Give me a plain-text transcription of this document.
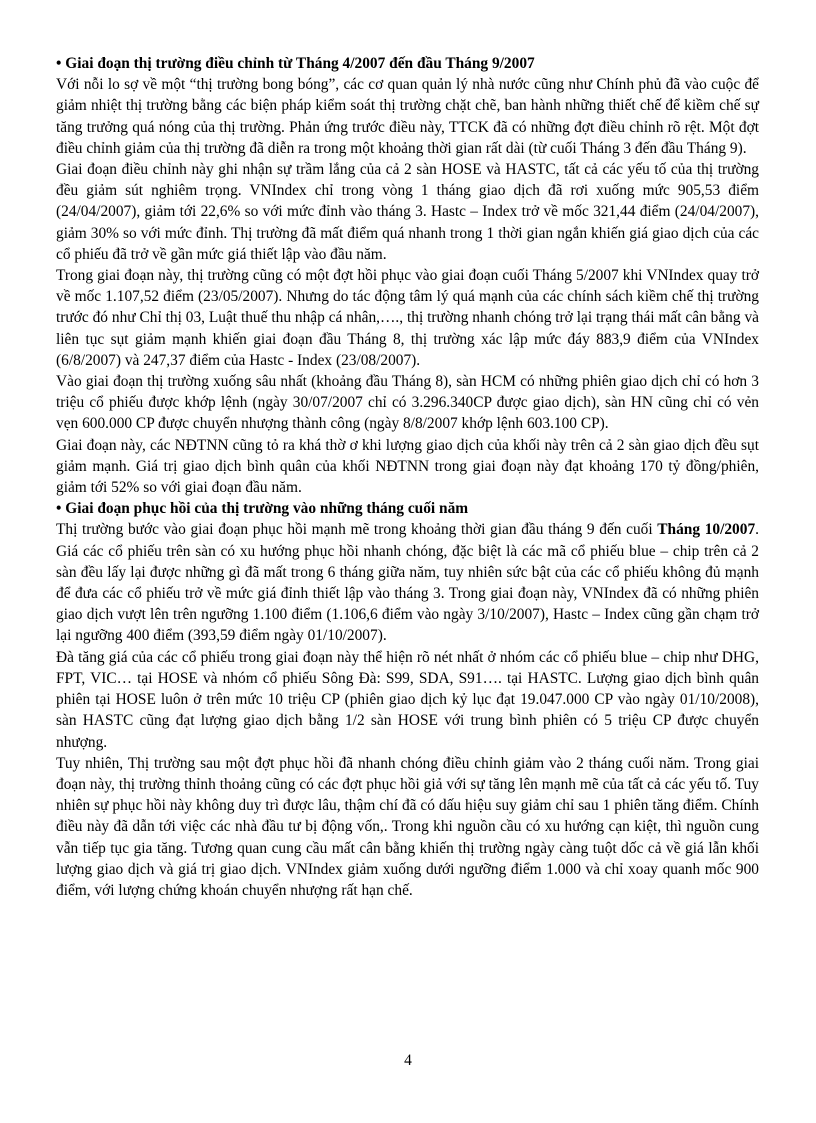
• Giai đoạn thị trường điều chỉnh từ Tháng 4/2007 đến đầu Tháng 9/2007

Với nỗi lo sợ về một “thị trường bong bóng”, các cơ quan quản lý nhà nước cũng như Chính phủ đã vào cuộc để giảm nhiệt thị trường bằng các biện pháp kiểm soát thị trường chặt chẽ, ban hành những thiết chế để kiềm chế sự tăng trưởng quá nóng của thị trường. Phản ứng trước điều này, TTCK đã có những đợt điều chỉnh rõ rệt. Một đợt điều chỉnh giảm của thị trường đã diễn ra trong một khoảng thời gian rất dài (từ cuối Tháng 3 đến đầu Tháng 9).

Giai đoạn điều chỉnh này ghi nhận sự trầm lắng của cả 2 sàn HOSE và HASTC, tất cả các yếu tố của thị trường đều giảm sút nghiêm trọng. VNIndex chỉ trong vòng 1 tháng giao dịch đã rơi xuống mức 905,53 điểm (24/04/2007), giảm tới 22,6% so với mức đỉnh vào tháng 3. Hastc – Index trở về mốc 321,44 điểm (24/04/2007), giảm 30% so với mức đỉnh. Thị trường đã mất điểm quá nhanh trong 1 thời gian ngắn khiến giá giao dịch của các cổ phiếu đã trở về gần mức giá thiết lập vào đầu năm.

Trong giai đoạn này, thị trường cũng có một đợt hồi phục vào giai đoạn cuối Tháng 5/2007 khi VNIndex quay trở về mốc 1.107,52 điểm (23/05/2007). Nhưng do tác động tâm lý quá mạnh của các chính sách kiềm chế thị trường trước đó như Chỉ thị 03, Luật thuế thu nhập cá nhân,…., thị trường nhanh chóng trở lại trạng thái mất cân bằng và liên tục sụt giảm mạnh khiến giai đoạn đầu Tháng 8, thị trường xác lập mức đáy 883,9 điểm của VNIndex (6/8/2007) và 247,37 điểm của Hastc - Index (23/08/2007).

Vào giai đoạn thị trường xuống sâu nhất (khoảng đầu Tháng 8), sàn HCM có những phiên giao dịch chỉ có hơn 3 triệu cổ phiếu được khớp lệnh (ngày 30/07/2007 chỉ có 3.296.340CP được giao dịch), sàn HN cũng chỉ có vẻn vẹn 600.000 CP được chuyển nhượng thành công (ngày 8/8/2007 khớp lệnh 603.100 CP).

Giai đoạn này, các NĐTNN cũng tỏ ra khá thờ ơ khi lượng giao dịch của khối này trên cả 2 sàn giao dịch đều sụt giảm mạnh. Giá trị giao dịch bình quân của khối NĐTNN trong giai đoạn này đạt khoảng 170 tỷ đồng/phiên, giảm tới 52% so với giai đoạn đầu năm.

• Giai đoạn phục hồi của thị trường vào những tháng cuối năm

Thị trường bước vào giai đoạn phục hồi mạnh mẽ trong khoảng thời gian đầu tháng 9 đến cuối Tháng 10/2007. Giá các cổ phiếu trên sàn có xu hướng phục hồi nhanh chóng, đặc biệt là các mã cổ phiếu blue – chip trên cả 2 sàn đều lấy lại được những gì đã mất trong 6 tháng giữa năm, tuy nhiên sức bật của các cổ phiếu không đủ mạnh để đưa các cổ phiếu trở về mức giá đỉnh thiết lập vào tháng 3. Trong giai đoạn này, VNIndex đã có những phiên giao dịch vượt lên trên ngưỡng 1.100 điểm (1.106,6 điểm vào ngày 3/10/2007), Hastc – Index cũng gần chạm trở lại ngưỡng 400 điểm (393,59 điểm ngày 01/10/2007).

Đà tăng giá của các cổ phiếu trong giai đoạn này thể hiện rõ nét nhất ở nhóm các cổ phiếu blue – chip như DHG, FPT, VIC… tại HOSE và nhóm cổ phiếu Sông Đà: S99, SDA, S91…. tại HASTC. Lượng giao dịch bình quân phiên tại HOSE luôn ở trên mức 10 triệu CP (phiên giao dịch kỷ lục đạt 19.047.000 CP vào ngày 01/10/2008), sàn HASTC cũng đạt lượng giao dịch bằng 1/2 sàn HOSE với trung bình phiên có 5 triệu CP được chuyển nhượng.

Tuy nhiên, Thị trường sau một đợt phục hồi đã nhanh chóng điều chỉnh giảm vào 2 tháng cuối năm. Trong giai đoạn này, thị trường thỉnh thoảng cũng có các đợt phục hồi giả với sự tăng lên mạnh mẽ của tất cả các yếu tố. Tuy nhiên sự phục hồi này không duy trì được lâu, thậm chí đã có dấu hiệu suy giảm chỉ sau 1 phiên tăng điểm. Chính điều này đã dẫn tới việc các nhà đầu tư bị động vốn,. Trong khi nguồn cầu có xu hướng cạn kiệt, thì nguồn cung vẫn tiếp tục gia tăng. Tương quan cung cầu mất cân bằng khiến thị trường ngày càng tuột dốc cả về giá lẫn khối lượng giao dịch và giá trị giao dịch. VNIndex giảm xuống dưới ngưỡng điểm 1.000 và chỉ xoay quanh mốc 900 điểm, với lượng chứng khoán chuyển nhượng rất hạn chế.

4
